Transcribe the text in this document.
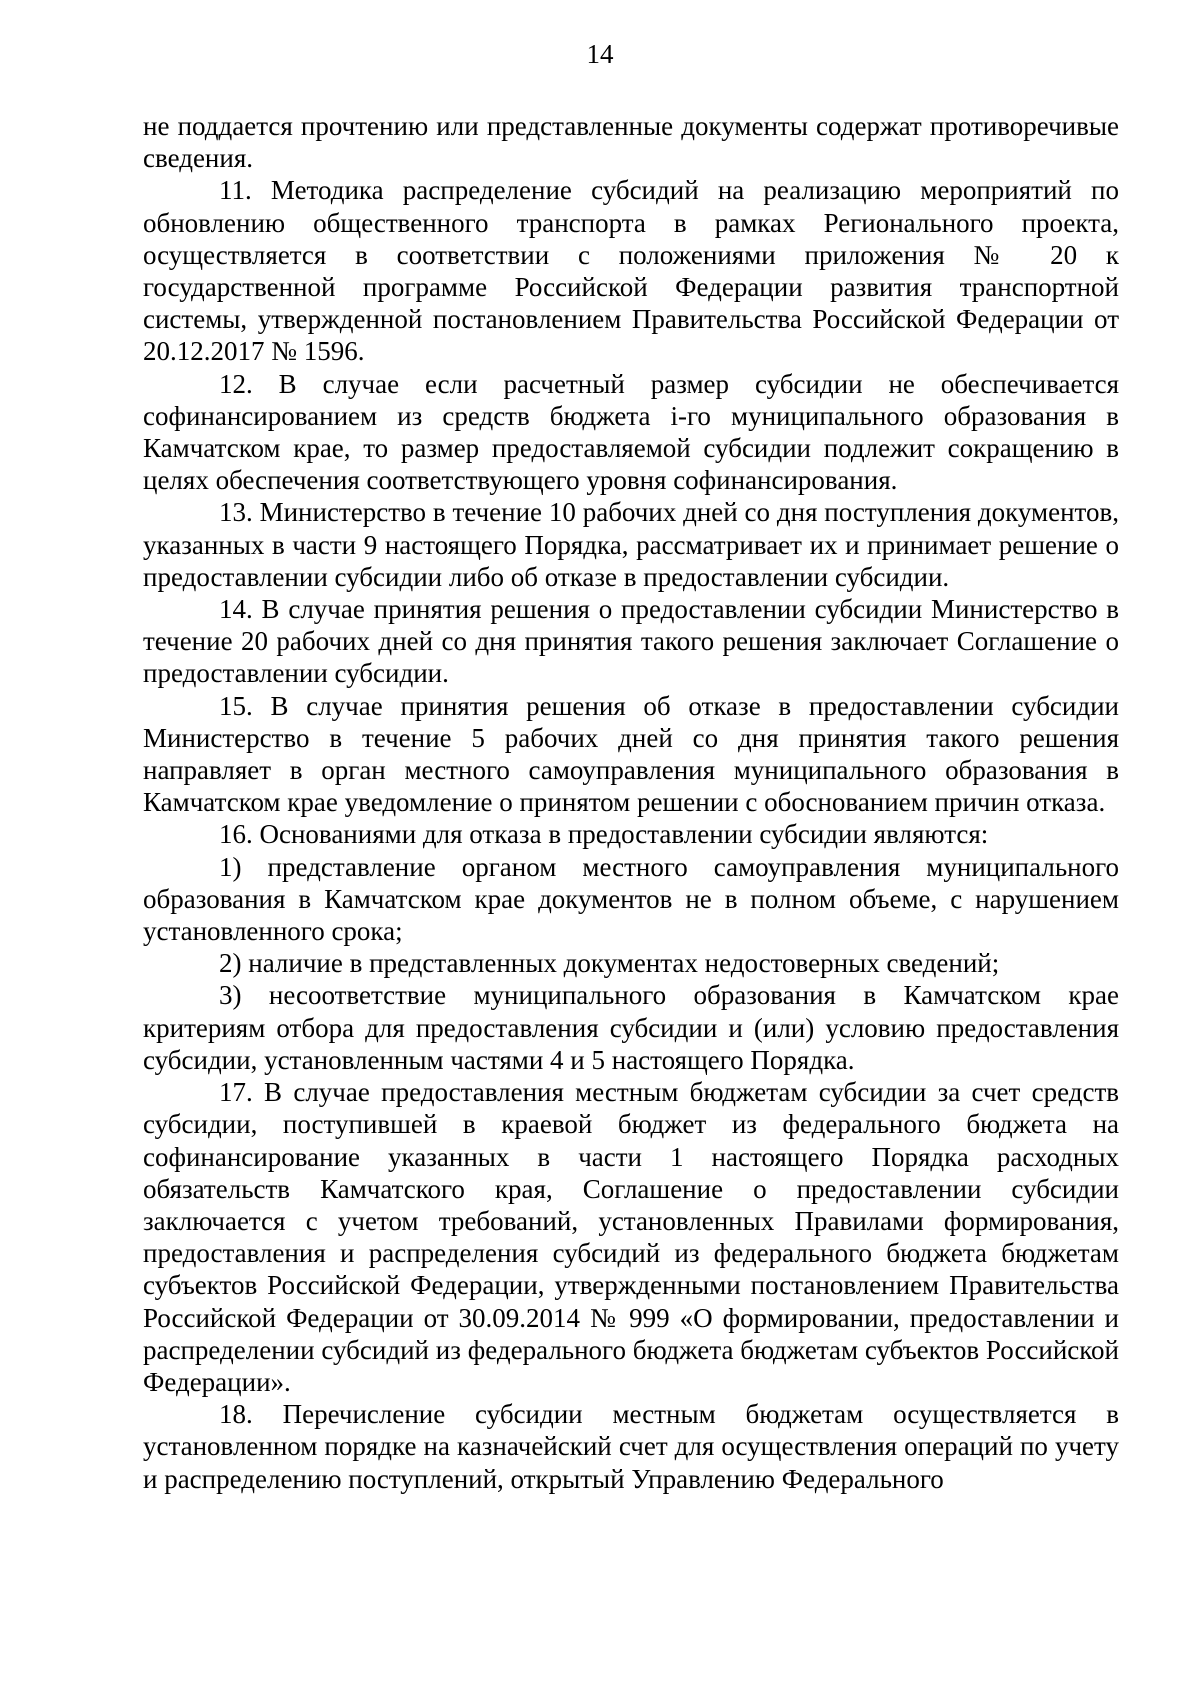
14

не поддается прочтению или представленные документы содержат противоречивые сведения.

11. Методика распределение субсидий на реализацию мероприятий по обновлению общественного транспорта в рамках Регионального проекта, осуществляется в соответствии с положениями приложения № 20 к государственной программе Российской Федерации развития транспортной системы, утвержденной постановлением Правительства Российской Федерации от 20.12.2017 № 1596.

12. В случае если расчетный размер субсидии не обеспечивается софинансированием из средств бюджета i-го муниципального образования в Камчатском крае, то размер предоставляемой субсидии подлежит сокращению в целях обеспечения соответствующего уровня софинансирования.

13. Министерство в течение 10 рабочих дней со дня поступления документов, указанных в части 9 настоящего Порядка, рассматривает их и принимает решение о предоставлении субсидии либо об отказе в предоставлении субсидии.

14. В случае принятия решения о предоставлении субсидии Министерство в течение 20 рабочих дней со дня принятия такого решения заключает Соглашение о предоставлении субсидии.

15. В случае принятия решения об отказе в предоставлении субсидии Министерство в течение 5 рабочих дней со дня принятия такого решения направляет в орган местного самоуправления муниципального образования в Камчатском крае уведомление о принятом решении с обоснованием причин отказа.

16. Основаниями для отказа в предоставлении субсидии являются:

1) представление органом местного самоуправления муниципального образования в Камчатском крае документов не в полном объеме, с нарушением установленного срока;

2) наличие в представленных документах недостоверных сведений;

3) несоответствие муниципального образования в Камчатском крае критериям отбора для предоставления субсидии и (или) условию предоставления субсидии, установленным частями 4 и 5 настоящего Порядка.

17. В случае предоставления местным бюджетам субсидии за счет средств субсидии, поступившей в краевой бюджет из федерального бюджета на софинансирование указанных в части 1 настоящего Порядка расходных обязательств Камчатского края, Соглашение о предоставлении субсидии заключается с учетом требований, установленных Правилами формирования, предоставления и распределения субсидий из федерального бюджета бюджетам субъектов Российской Федерации, утвержденными постановлением Правительства Российской Федерации от 30.09.2014 № 999 «О формировании, предоставлении и распределении субсидий из федерального бюджета бюджетам субъектов Российской Федерации».

18. Перечисление субсидии местным бюджетам осуществляется в установленном порядке на казначейский счет для осуществления операций по учету и распределению поступлений, открытый Управлению Федерального
